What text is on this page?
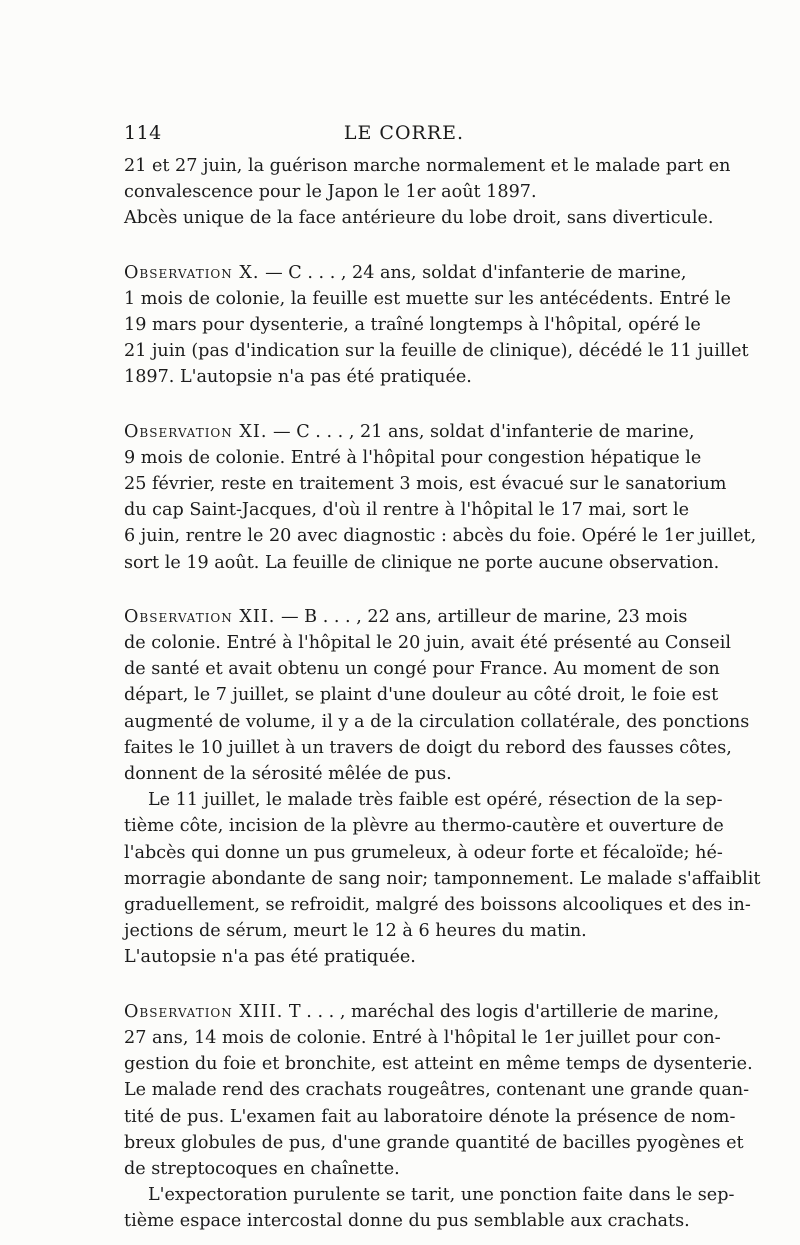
114	LE CORRE.

21 et 27 juin, la guérison marche normalement et le malade part en
convalescence pour le Japon le 1er août 1897.

Abcès unique de la face antérieure du lobe droit, sans diverticule.

Observation X. — C . . . , 24 ans, soldat d'infanterie de marine,
1 mois de colonie, la feuille est muette sur les antécédents. Entré le
19 mars pour dysenterie, a traîné longtemps à l'hôpital, opéré le
21 juin (pas d'indication sur la feuille de clinique), décédé le 11 juillet
1897. L'autopsie n'a pas été pratiquée.

Observation XI. — C . . . , 21 ans, soldat d'infanterie de marine,
9 mois de colonie. Entré à l'hôpital pour congestion hépatique le
25 février, reste en traitement 3 mois, est évacué sur le sanatorium
du cap Saint-Jacques, d'où il rentre à l'hôpital le 17 mai, sort le
6 juin, rentre le 20 avec diagnostic : abcès du foie. Opéré le 1er juillet,
sort le 19 août. La feuille de clinique ne porte aucune observation.

Observation XII. — B . . . , 22 ans, artilleur de marine, 23 mois
de colonie. Entré à l'hôpital le 20 juin, avait été présenté au Conseil
de santé et avait obtenu un congé pour France. Au moment de son
départ, le 7 juillet, se plaint d'une douleur au côté droit, le foie est
augmenté de volume, il y a de la circulation collatérale, des ponctions
faites le 10 juillet à un travers de doigt du rebord des fausses côtes,
donnent de la sérosité mêlée de pus.

Le 11 juillet, le malade très faible est opéré, résection de la sep-
tième côte, incision de la plèvre au thermo-cautère et ouverture de
l'abcès qui donne un pus grumeleux, à odeur forte et fécaloïde; hé-
morragie abondante de sang noir; tamponnement. Le malade s'affaiblit
graduellement, se refroidit, malgré des boissons alcooliques et des in-
jections de sérum, meurt le 12 à 6 heures du matin.

L'autopsie n'a pas été pratiquée.

Observation XIII. T . . . , maréchal des logis d'artillerie de marine,
27 ans, 14 mois de colonie. Entré à l'hôpital le 1er juillet pour con-
gestion du foie et bronchite, est atteint en même temps de dysenterie.
Le malade rend des crachats rougeâtres, contenant une grande quan-
tité de pus. L'examen fait au laboratoire dénote la présence de nom-
breux globules de pus, d'une grande quantité de bacilles pyogènes et
de streptocoques en chaînette.

L'expectoration purulente se tarit, une ponction faite dans le sep-
tième espace intercostal donne du pus semblable aux crachats.
